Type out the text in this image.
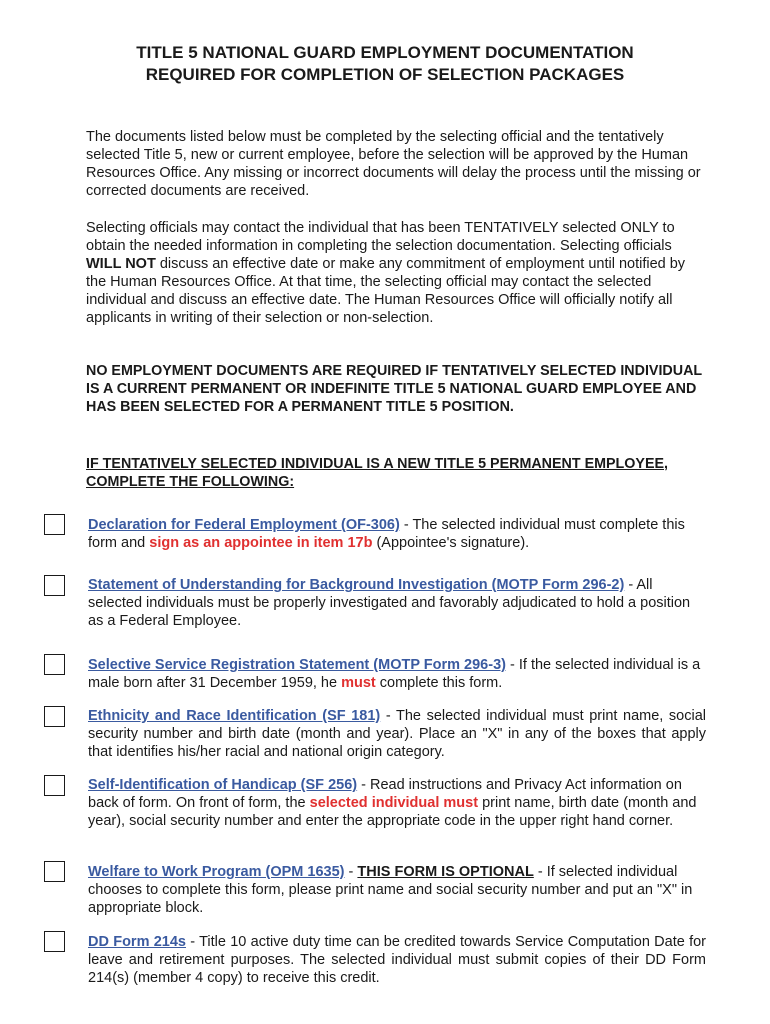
TITLE 5 NATIONAL GUARD EMPLOYMENT DOCUMENTATION
REQUIRED FOR COMPLETION OF SELECTION PACKAGES

The documents listed below must be completed by the selecting official and the tentatively selected Title 5, new or current employee, before the selection will be approved by the Human Resources Office. Any missing or incorrect documents will delay the process until the missing or corrected documents are received.

Selecting officials may contact the individual that has been TENTATIVELY selected ONLY to obtain the needed information in completing the selection documentation. Selecting officials WILL NOT discuss an effective date or make any commitment of employment until notified by the Human Resources Office. At that time, the selecting official may contact the selected individual and discuss an effective date. The Human Resources Office will officially notify all applicants in writing of their selection or non-selection.

NO EMPLOYMENT DOCUMENTS ARE REQUIRED IF TENTATIVELY SELECTED INDIVIDUAL IS A CURRENT PERMANENT OR INDEFINITE TITLE 5 NATIONAL GUARD EMPLOYEE AND HAS BEEN SELECTED FOR A PERMANENT TITLE 5 POSITION.

IF TENTATIVELY SELECTED INDIVIDUAL IS A NEW TITLE 5 PERMANENT EMPLOYEE, COMPLETE THE FOLLOWING:
Declaration for Federal Employment (OF-306) - The selected individual must complete this form and sign as an appointee in item 17b (Appointee's signature).
Statement of Understanding for Background Investigation (MOTP Form 296-2) - All selected individuals must be properly investigated and favorably adjudicated to hold a position as a Federal Employee.
Selective Service Registration Statement (MOTP Form 296-3) - If the selected individual is a male born after 31 December 1959, he must complete this form.
Ethnicity and Race Identification (SF 181) - The selected individual must print name, social security number and birth date (month and year). Place an "X" in any of the boxes that apply that identifies his/her racial and national origin category.
Self-Identification of Handicap (SF 256) - Read instructions and Privacy Act information on back of form. On front of form, the selected individual must print name, birth date (month and year), social security number and enter the appropriate code in the upper right hand corner.
Welfare to Work Program (OPM 1635) - THIS FORM IS OPTIONAL - If selected individual chooses to complete this form, please print name and social security number and put an "X" in appropriate block.
DD Form 214s - Title 10 active duty time can be credited towards Service Computation Date for leave and retirement purposes. The selected individual must submit copies of their DD Form 214(s) (member 4 copy) to receive this credit.
